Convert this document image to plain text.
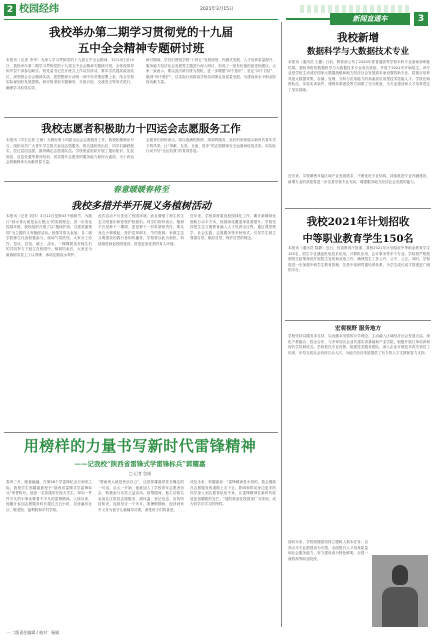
2 校园经纬	2021年3月15日
新闻直通车	3
我校举办第二期学习贯彻党的十九届
五中全会精神专题研讨班
本报讯（记者 李华）为深入学习贯彻党的十九届五中全会精神，3月13日至15日，我校举办第二期学习贯彻党的十九届五中全会精神专题研讨班，全体校领导和中层干部参加研讨。校党委书记在开班式上作动员讲话，要求学员提高政治站位，深刻领会全会精神实质，把思想和行动统一到中央决策部署上来，结合学校实际谋划好发展思路。研讨班采取专题辅导、分组讨论、交流发言等形式进行，确保学习取得实效。
研讨期间，学员们围绕学校“十四五”发展规划、内涵式发展、人才培养质量提升、服务地方经济社会发展等主题进行深入研讨，形成了一批有价值的意见和建议。大家一致表示，要以此次研讨班为契机，进一步增强“四个意识”、坚定“四个自信”、做到“两个维护”，以实际行动推动学校各项事业高质量发展，为建设高水平职业院校贡献力量。
我校志愿者积极助力十四运会志愿服务工作
本报讯（学生记者 王敏）为做好第十四届全运会志愿服务工作，我校积极响应号召，组织动员广大青年学生报名参加志愿服务。报名通知发出后，同学们踊跃报名，经过层层选拔，最终确定志愿者队伍。学校团委组织开展了通用知识、礼仪规范、应急处置等系列培训，切实提升志愿者的服务能力和综合素质，为十四运会的顺利举办贡献青春力量。
志愿者们纷纷表示，将以饱满的热情、周到的服务、良好的形象展示新时代青年学子的风采，让“奉献、友爱、互助、进步”的志愿精神在全运赛场绽放光彩，用实际行动书写“全运有我”的青春答卷。
春意暖暖春将至
我校多措并举开展义务植树活动
本报讯（记者 刘洋）3月12日是第43个植树节，为践行“绿水青山就是金山银山”的发展理念，进一步美化校园环境，我校组织开展了以“植绿护绿，共建美丽校园”为主题的义务植树活动。校领导带头参加，各二级学院师生代表积极参与，现场气氛热烈。大家分工协作，挖坑、扶苗、填土、浇水，一棵棵树苗在师生们的共同努力下挺立在校园中。植树结束后，大家还为新栽树苗挂上了认养牌，承诺定期浇水养护。
此次活动不仅美化了校园环境，而且增强了师生的生态文明意识和爱校护校意识。同学们纷纷表示，植树不仅是种下一棵树，更是种下一份希望和责任，要从身边小事做起，爱护花草树木，节约资源，争做生态文明建设的践行者和传播者。学校将以此为契机，持续推进绿色校园建设，营造更加优美的育人环境。
近年来，学校高度重视校园绿化工作，累计新增绿化面积万余平方米，校园绿化覆盖率显著提升。学校坚持把生态文明教育融入人才培养全过程，通过课堂教学、社会实践、志愿服务等多种形式，引导学生树立尊重自然、顺应自然、保护自然的理念。
用榜样的力量书写新时代雷锋精神
——记我校“陕西省雷锋式学雷锋标兵”郭耀嘉
□ 记者 包娟
春风三月，暖意融融。在第58个学雷锋纪念日到来之际，我校学生郭耀嘉被授予“陕西省雷锋式学雷锋标兵”荣誉称号。他是一名普通的在校大学生，却用一件件平凡的小事诠释着不平凡的雷锋精神。入校以来，他累计参加志愿服务时长超过五百小时，足迹遍布社区、敬老院、福利院和乡村学校。
“帮助别人就是快乐自己”，这是郭耀嘉常挂在嘴边的一句话。从大一开始，他就加入了学校青年志愿者协会，积极参与各类公益活动。疫情期间，他主动报名参加社区防控志愿服务，测体温、登记信息、宣传防疫知识，连续坚守一个多月。寒暑假期间，他回到家乡义务为留守儿童辅导功课，深受孩子们的喜爱。
谈及未来，郭耀嘉说：“雷锋精神是永恒的，我会继续在志愿服务的道路上走下去，影响和带动身边更多的同学加入到志愿者队伍中来，让雷锋精神在新时代绽放更加耀眼的光芒。”他的事迹在校园里广为传颂，成为同学们学习的榜样。
一 二版责任编辑 / 校对：杨婧
我校新增
数据科学与大数据技术专业
本报讯（通讯员 王鑫）日前，教育部公布了2020年度普通高等学校本科专业备案和审批结果，我校申报的数据科学与大数据技术专业成功获批，并将于2021年开始招生。该专业是学校主动适应国家大数据战略和地方经济社会发展需求而设置的新专业，将重点培养具备大数据采集、存储、处理、分析与应用能力的高素质应用型技术技能人才。学校在师资队伍、实验实训条件、课程体系建设等方面做了充分准备，为专业建设和人才培养奠定了坚实基础。
近年来，学校紧密对接区域产业发展需求，不断优化专业结构，持续推进专业内涵建设，新增专业的获批将进一步完善学校专业布局，增强服务地方经济社会发展的能力。
我校2021年计划招收
中等职业教育学生150名
本报讯（通讯员 陈静）近日，经省教育厅批准，我校2021年计划招收中等职业教育学生150名，招生专业涵盖机电技术应用、计算机应用、会计事务等多个专业。学校将严格按照招生政策规范开展招生宣传和录取工作，确保招生工作公开、公平、公正。同时，学校将进一步加强中职学生教育管理，完善中高职贯通培养体系，为学生成长成才搭建更广阔的平台。
宏观视野 服务地方
学校坚持以服务求支持、以贡献求发展的办学理念，主动融入区域经济社会发展大局，深化产教融合、校企合作，与多家知名企业共建实训基地和产业学院，积极开展订单培养和现代学徒制试点。学校依托专业优势，组建技术服务团队，深入企业开展技术攻关和员工培训，年均完成社会培训万余人次，为地方经济发展提供了有力的人才支撑和智力支持。
面向未来，学校将继续坚持立德树人根本任务，以高水平专业群建设为引领，全面提升人才培养质量和社会服务能力，努力建设成为特色鲜明、全国一流的高等职业院校。
